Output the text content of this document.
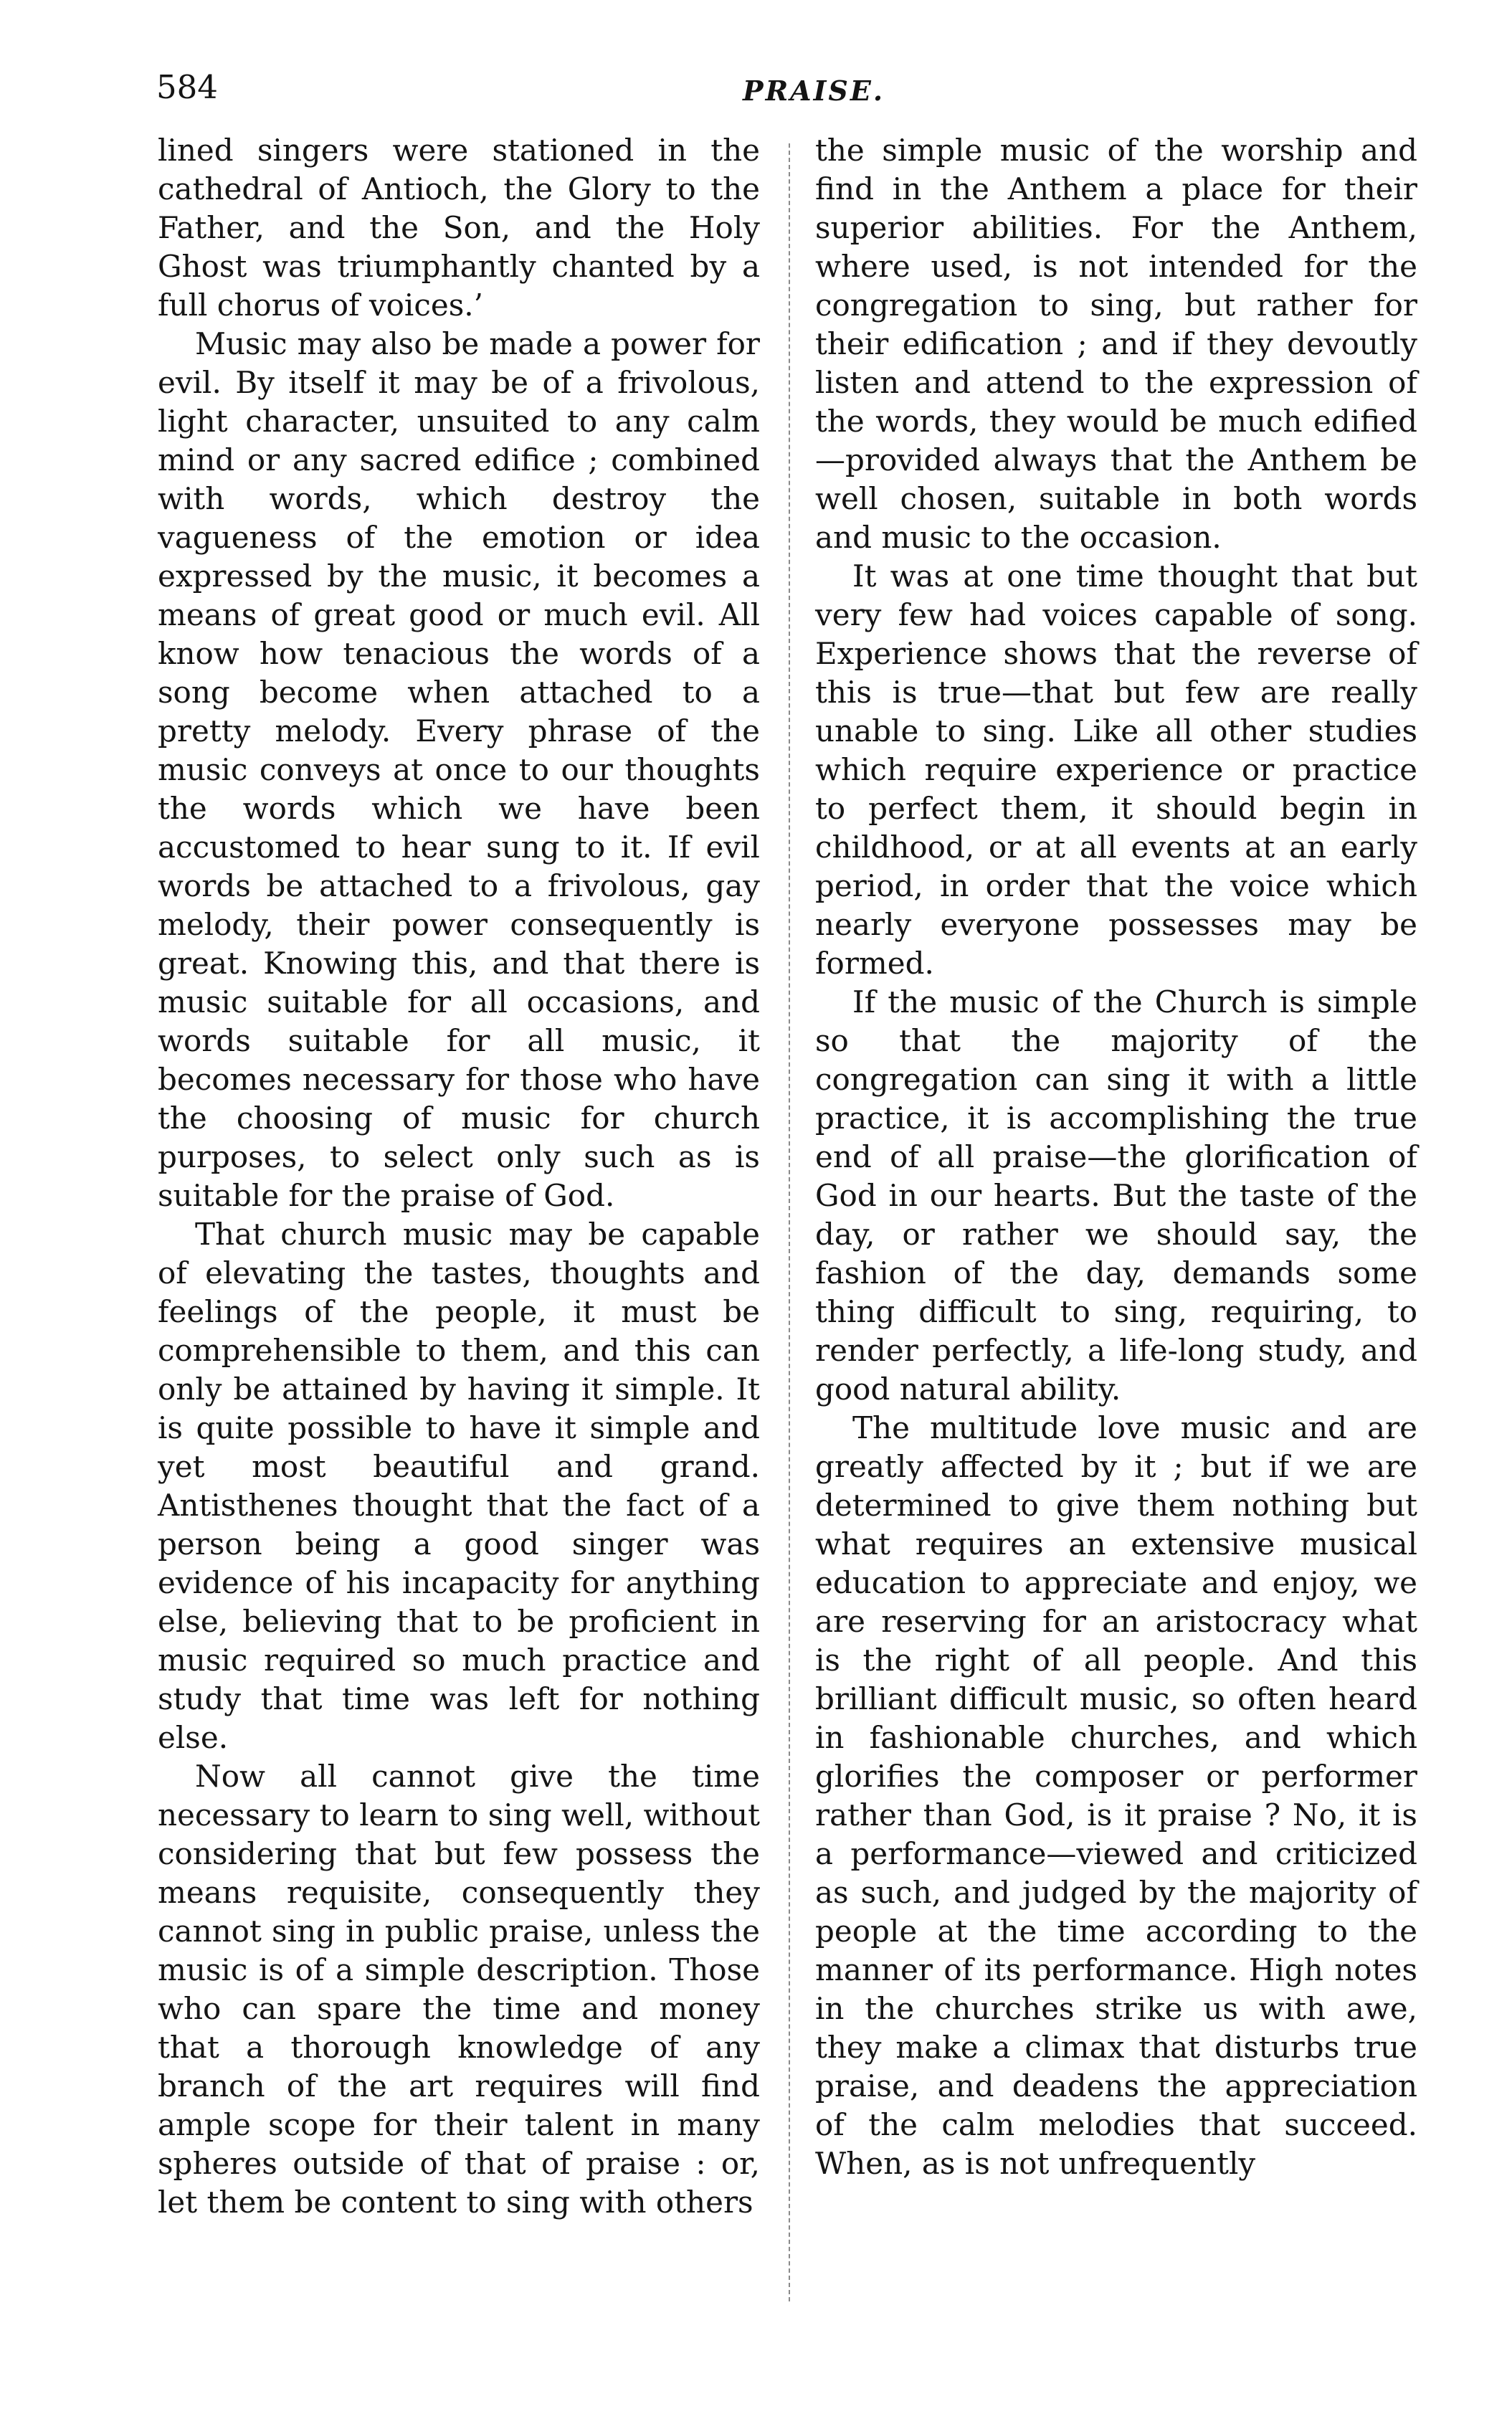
584	PRAISE.

lined singers were stationed in the cathedral of Antioch, the Glory to the Father, and the Son, and the Holy Ghost was triumphantly chanted by a full chorus of voices.’

Music may also be made a power for evil. By itself it may be of a frivolous, light character, unsuited to any calm mind or any sacred edifice ; combined with words, which destroy the vagueness of the emotion or idea expressed by the music, it becomes a means of great good or much evil. All know how tenacious the words of a song become when attached to a pretty melody. Every phrase of the music conveys at once to our thoughts the words which we have been accustomed to hear sung to it. If evil words be attached to a frivolous, gay melody, their power consequently is great. Knowing this, and that there is music suitable for all occasions, and words suitable for all music, it becomes necessary for those who have the choosing of music for church purposes, to select only such as is suitable for the praise of God.

That church music may be capable of elevating the tastes, thoughts and feelings of the people, it must be comprehensible to them, and this can only be attained by having it simple. It is quite possible to have it simple and yet most beautiful and grand. Antisthenes thought that the fact of a person being a good singer was evidence of his incapacity for anything else, believing that to be proficient in music required so much practice and study that time was left for nothing else.

Now all cannot give the time necessary to learn to sing well, without considering that but few possess the means requisite, consequently they cannot sing in public praise, unless the music is of a simple description. Those who can spare the time and money that a thorough knowledge of any branch of the art requires will find ample scope for their talent in many spheres outside of that of praise : or, let them be content to sing with others

the simple music of the worship and find in the Anthem a place for their superior abilities. For the Anthem, where used, is not intended for the congregation to sing, but rather for their edification ; and if they devoutly listen and attend to the expression of the words, they would be much edified —provided always that the Anthem be well chosen, suitable in both words and music to the occasion.

It was at one time thought that but very few had voices capable of song. Experience shows that the reverse of this is true—that but few are really unable to sing. Like all other studies which require experience or practice to perfect them, it should begin in childhood, or at all events at an early period, in order that the voice which nearly everyone possesses may be formed.

If the music of the Church is simple so that the majority of the congregation can sing it with a little practice, it is accomplishing the true end of all praise—the glorification of God in our hearts. But the taste of the day, or rather we should say, the fashion of the day, demands some thing difficult to sing, requiring, to render perfectly, a life-long study, and good natural ability.

The multitude love music and are greatly affected by it ; but if we are determined to give them nothing but what requires an extensive musical education to appreciate and enjoy, we are reserving for an aristocracy what is the right of all people. And this brilliant difficult music, so often heard in fashionable churches, and which glorifies the composer or performer rather than God, is it praise ? No, it is a performance—viewed and criticized as such, and judged by the majority of people at the time according to the manner of its performance. High notes in the churches strike us with awe, they make a climax that disturbs true praise, and deadens the appreciation of the calm melodies that succeed. When, as is not unfrequently
